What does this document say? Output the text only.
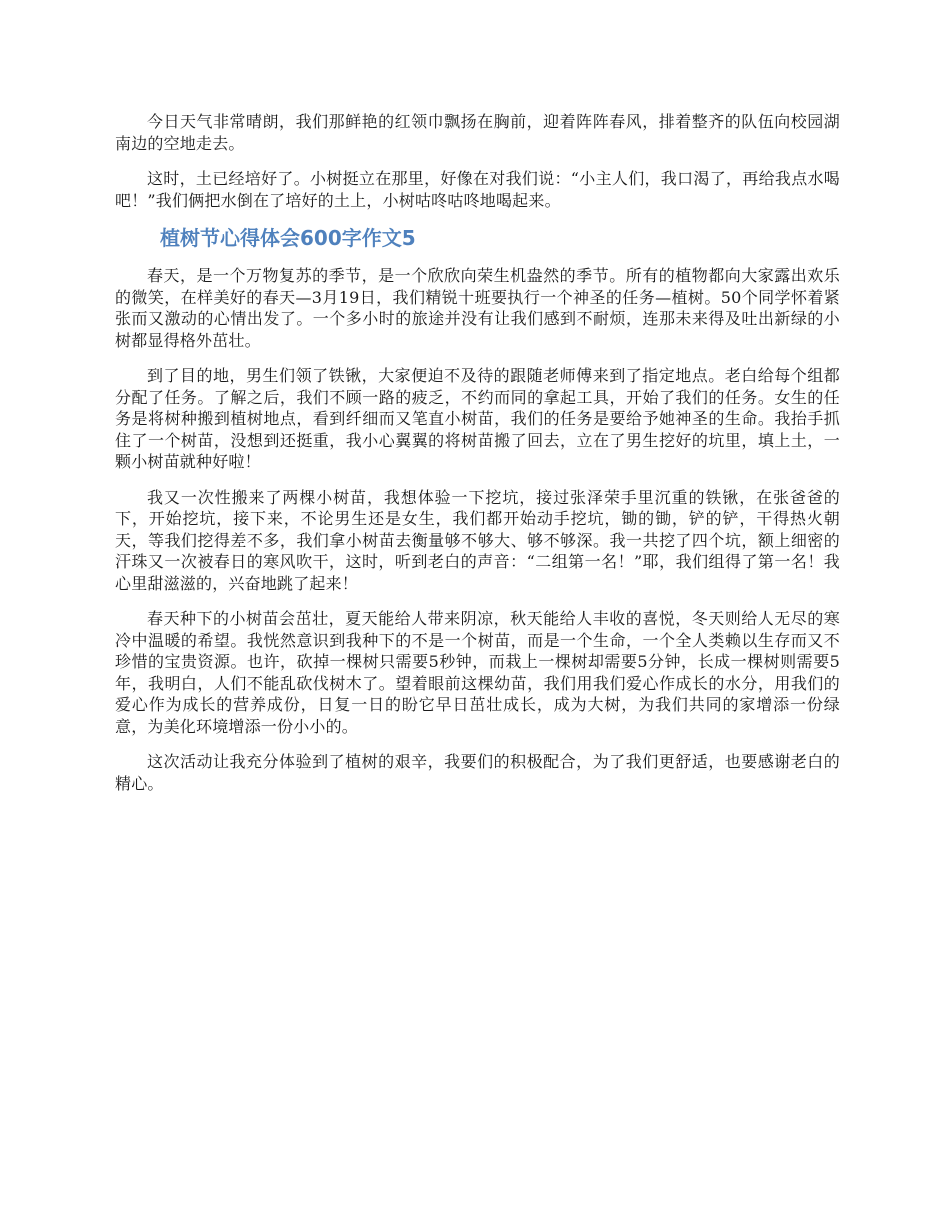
今日天气非常晴朗，我们那鲜艳的红领巾飘扬在胸前，迎着阵阵春风，排着整齐的队伍向校园湖南边的空地走去。

这时，土已经培好了。小树挺立在那里，好像在对我们说：“小主人们，我口渴了，再给我点水喝吧！”我们俩把水倒在了培好的土上，小树咕咚咕咚地喝起来。

植树节心得体会600字作文5

春天，是一个万物复苏的季节，是一个欣欣向荣生机盎然的季节。所有的植物都向大家露出欢乐的微笑，在样美好的春天—3月19日，我们精锐十班要执行一个神圣的任务—植树。50个同学怀着紧张而又激动的心情出发了。一个多小时的旅途并没有让我们感到不耐烦，连那未来得及吐出新绿的小树都显得格外茁壮。

到了目的地，男生们领了铁锹，大家便迫不及待的跟随老师傅来到了指定地点。老白给每个组都分配了任务。了解之后，我们不顾一路的疲乏，不约而同的拿起工具，开始了我们的任务。女生的任务是将树种搬到植树地点，看到纤细而又笔直小树苗，我们的任务是要给予她神圣的生命。我抬手抓住了一个树苗，没想到还挺重，我小心翼翼的将树苗搬了回去，立在了男生挖好的坑里，填上土，一颗小树苗就种好啦！

我又一次性搬来了两棵小树苗，我想体验一下挖坑，接过张泽荣手里沉重的铁锹，在张爸爸的下，开始挖坑，接下来，不论男生还是女生，我们都开始动手挖坑，锄的锄，铲的铲，干得热火朝天，等我们挖得差不多，我们拿小树苗去衡量够不够大、够不够深。我一共挖了四个坑，额上细密的汗珠又一次被春日的寒风吹干，这时，听到老白的声音：“二组第一名！”耶，我们组得了第一名！我心里甜滋滋的，兴奋地跳了起来！

春天种下的小树苗会茁壮，夏天能给人带来阴凉，秋天能给人丰收的喜悦，冬天则给人无尽的寒冷中温暖的希望。我恍然意识到我种下的不是一个树苗，而是一个生命，一个全人类赖以生存而又不珍惜的宝贵资源。也许，砍掉一棵树只需要5秒钟，而栽上一棵树却需要5分钟，长成一棵树则需要5年，我明白，人们不能乱砍伐树木了。望着眼前这棵幼苗，我们用我们爱心作成长的水分，用我们的爱心作为成长的营养成份，日复一日的盼它早日茁壮成长，成为大树，为我们共同的家增添一份绿意，为美化环境增添一份小小的。

这次活动让我充分体验到了植树的艰辛，我要们的积极配合，为了我们更舒适，也要感谢老白的精心。
